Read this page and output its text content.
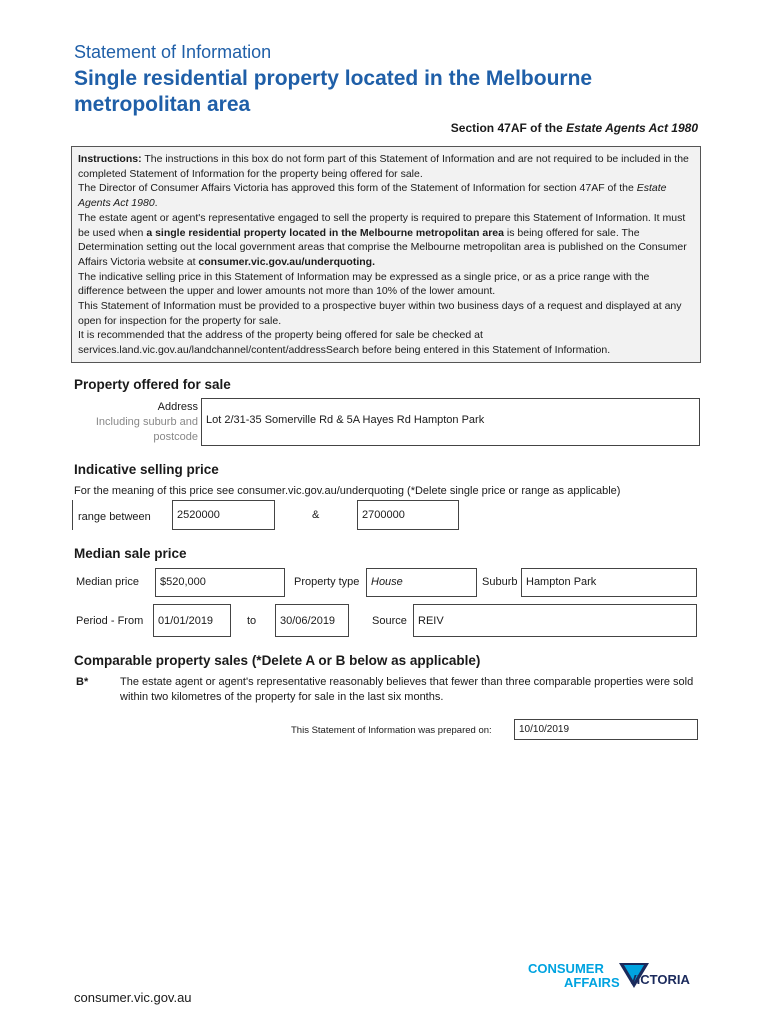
Statement of Information
Single residential property located in the Melbourne metropolitan area
Section 47AF of the Estate Agents Act 1980

Instructions: The instructions in this box do not form part of this Statement of Information and are not required to be included in the completed Statement of Information for the property being offered for sale.

The Director of Consumer Affairs Victoria has approved this form of the Statement of Information for section 47AF of the Estate Agents Act 1980.

The estate agent or agent's representative engaged to sell the property is required to prepare this Statement of Information. It must be used when a single residential property located in the Melbourne metropolitan area is being offered for sale. The Determination setting out the local government areas that comprise the Melbourne metropolitan area is published on the Consumer Affairs Victoria website at consumer.vic.gov.au/underquoting.

The indicative selling price in this Statement of Information may be expressed as a single price, or as a price range with the difference between the upper and lower amounts not more than 10% of the lower amount.

This Statement of Information must be provided to a prospective buyer within two business days of a request and displayed at any open for inspection for the property for sale.

It is recommended that the address of the property being offered for sale be checked at services.land.vic.gov.au/landchannel/content/addressSearch before being entered in this Statement of Information.

Property offered for sale
Address
Including suburb and
postcode
Lot 2/31-35 Somerville Rd & 5A Hayes Rd Hampton Park
Indicative selling price
For the meaning of this price see consumer.vic.gov.au/underquoting (*Delete single price or range as applicable)
range between	2520000	&	2700000
Median sale price
Median price	$520,000	Property type	House	Suburb Hampton Park
Period - From	01/01/2019	to	30/06/2019	Source	REIV
Comparable property sales (*Delete A or B below as applicable)
B*	The estate agent or agent's representative reasonably believes that fewer than three comparable properties were sold within two kilometres of the property for sale in the last six months.
This Statement of Information was prepared on:	10/10/2019
CONSUMER
AFFAIRS VICTORIA
consumer.vic.gov.au
